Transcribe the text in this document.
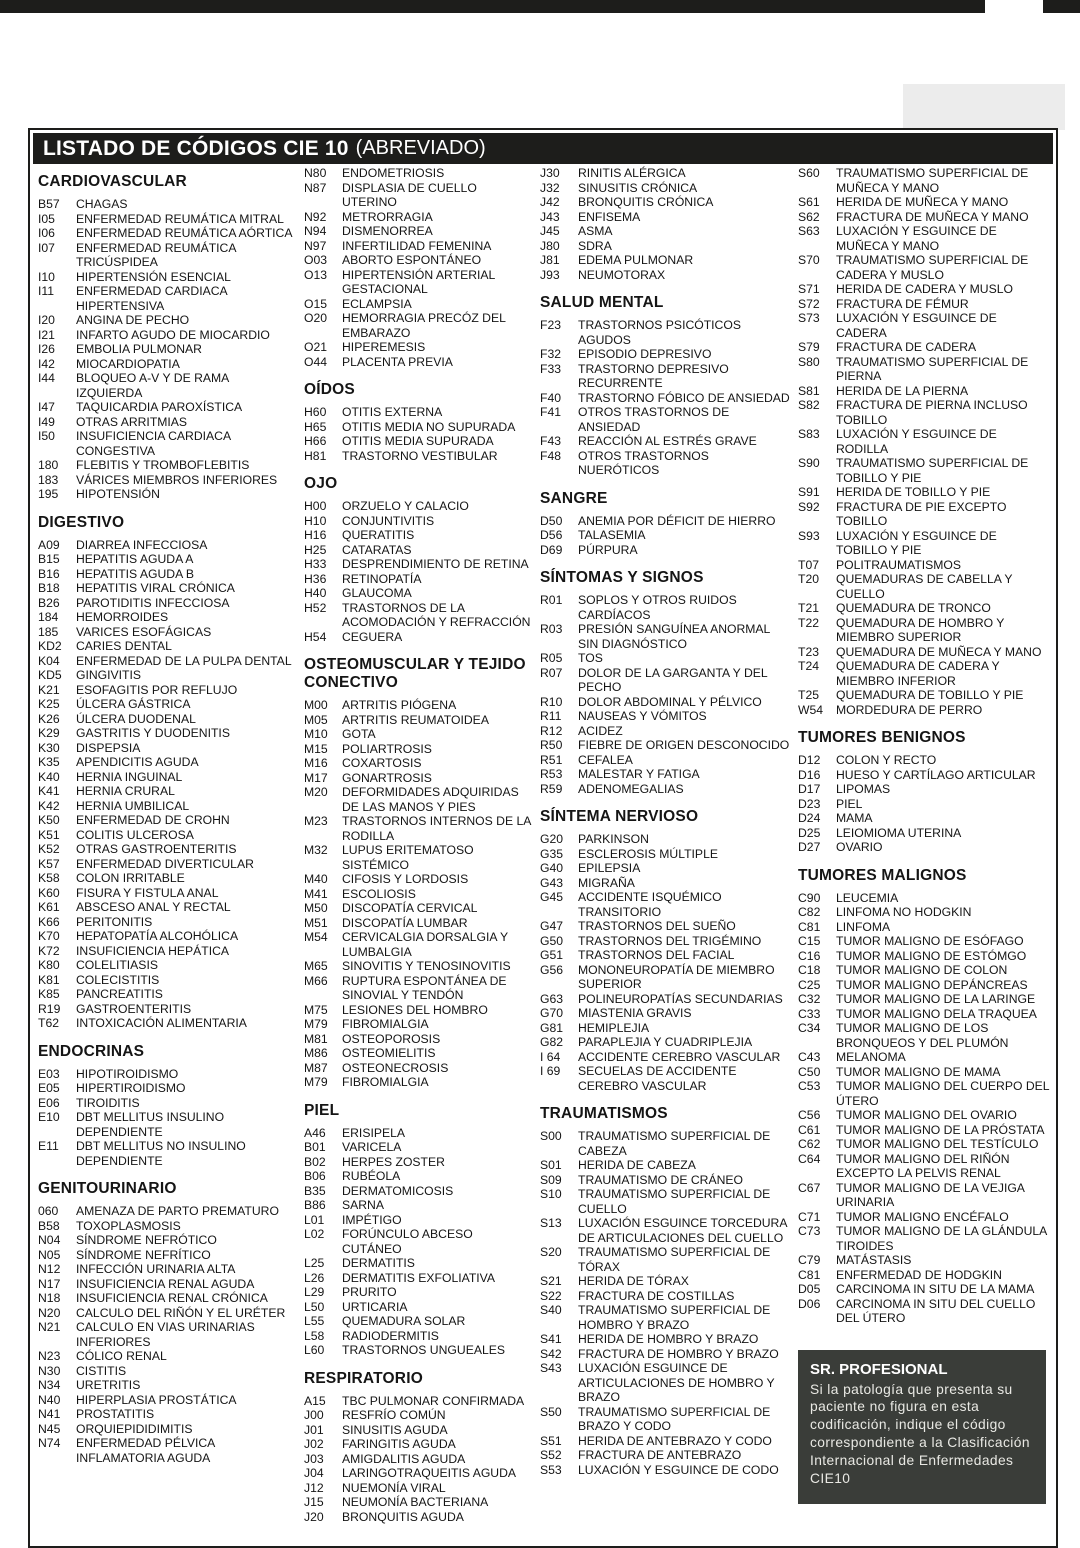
LISTADO DE CÓDIGOS CIE 10 (ABREVIADO)
CARDIOVASCULAR
B57	CHAGAS
I05	ENFERMEDAD REUMÁTICA MITRAL
I06	ENFERMEDAD REUMÁTICA AÓRTICA
I07	ENFERMEDAD REUMÁTICA TRICÚSPIDEA
I10	HIPERTENSIÓN ESENCIAL
I11	ENFERMEDAD CARDIACA HIPERTENSIVA
I20	ANGINA DE PECHO
I21	INFARTO AGUDO DE MIOCARDIO
I26	EMBOLIA PULMONAR
I42	MIOCARDIOPATIA
I44	BLOQUEO A-V Y DE RAMA IZQUIERDA
I47	TAQUICARDIA PAROXÍSTICA
I49	OTRAS ARRITMIAS
I50	INSUFICIENCIA CARDIACA CONGESTIVA
180	FLEBITIS Y TROMBOFLEBITIS
183	VÁRICES MIEMBROS INFERIORES
195	HIPOTENSIÓN
DIGESTIVO
A09	DIARREA INFECCIOSA
B15	HEPATITIS AGUDA A
B16	HEPATITIS AGUDA B
B18	HEPATITIS VIRAL CRÓNICA
B26	PAROTIDITIS INFECCIOSA
184	HEMORROIDES
185	VARICES ESOFÁGICAS
KD2	CARIES DENTAL
K04	ENFERMEDAD DE LA PULPA DENTAL
KD5	GINGIVITIS
K21	ESOFAGITIS POR REFLUJO
K25	ÚLCERA GÁSTRICA
K26	ÚLCERA DUODENAL
K29	GASTRITIS Y DUODENITIS
K30	DISPEPSIA
K35	APENDICITIS AGUDA
K40	HERNIA INGUINAL
K41	HERNIA CRURAL
K42	HERNIA UMBILICAL
K50	ENFERMEDAD DE CROHN
K51	COLITIS ULCEROSA
K52	OTRAS GASTROENTERITIS
K57	ENFERMEDAD DIVERTICULAR
K58	COLON IRRITABLE
K60	FISURA Y FISTULA ANAL
K61	ABSCESO ANAL Y RECTAL
K66	PERITONITIS
K70	HEPATOPATÍA ALCOHÓLICA
K72	INSUFICIENCIA HEPÁTICA
K80	COLELITIASIS
K81	COLECISTITIS
K85	PANCREATITIS
R19	GASTROENTERITIS
T62	INTOXICACIÓN ALIMENTARIA
ENDOCRINAS
E03	HIPOTIROIDISMO
E05	HIPERTIROIDISMO
E06	TIROIDITIS
E10	DBT MELLITUS INSULINO DEPENDIENTE
E11	DBT MELLITUS NO INSULINO DEPENDIENTE
GENITOURINARIO
060	AMENAZA DE PARTO PREMATURO
B58	TOXOPLASMOSIS
N04	SÍNDROME NEFRÓTICO
N05	SÍNDROME NEFRÍTICO
N12	INFECCIÓN URINARIA ALTA
N17	INSUFICIENCIA RENAL AGUDA
N18	INSUFICIENCIA RENAL CRÓNICA
N20	CALCULO DEL RIÑÓN Y EL URÉTER
N21	CALCULO EN VIAS URINARIAS INFERIORES
N23	CÓLICO RENAL
N30	CISTITIS
N34	URETRITIS
N40	HIPERPLASIA PROSTÁTICA
N41	PROSTATITIS
N45	ORQUIEPIDIDIMITIS
N74	ENFERMEDAD PÉLVICA INFLAMATORIA AGUDA
N80	ENDOMETRIOSIS
N87	DISPLASIA DE CUELLO UTERINO
N92	METRORRAGIA
N94	DISMENORREA
N97	INFERTILIDAD FEMENINA
O03	ABORTO ESPONTÁNEO
O13	HIPERTENSIÓN ARTERIAL GESTACIONAL
O15	ECLAMPSIA
O20	HEMORRAGIA PRECÓZ DEL EMBARAZO
O21	HIPEREMESIS
O44	PLACENTA PREVIA
OÍDOS
H60	OTITIS EXTERNA
H65	OTITIS MEDIA NO SUPURADA
H66	OTITIS MEDIA SUPURADA
H81	TRASTORNO VESTIBULAR
OJO
H00	ORZUELO Y CALACIO
H10	CONJUNTIVITIS
H16	QUERATITIS
H25	CATARATAS
H33	DESPRENDIMIENTO DE RETINA
H36	RETINOPATÍA
H40	GLAUCOMA
H52	TRASTORNOS DE LA ACOMODACIÓN Y REFRACCIÓN
H54	CEGUERA
OSTEOMUSCULAR Y TEJIDO CONECTIVO
M00	ARTRITIS PIÓGENA
M05	ARTRITIS REUMATOIDEA
M10	GOTA
M15	POLIARTROSIS
M16	COXARTOSIS
M17	GONARTROSIS
M20	DEFORMIDADES ADQUIRIDAS DE LAS MANOS Y PIES
M23	TRASTORNOS INTERNOS DE LA RODILLA
M32	LUPUS ERITEMATOSO SISTÉMICO
M40	CIFOSIS Y LORDOSIS
M41	ESCOLIOSIS
M50	DISCOPATÍA CERVICAL
M51	DISCOPATÍA LUMBAR
M54	CERVICALGIA DORSALGIA Y LUMBALGIA
M65	SINOVITIS Y TENOSINOVITIS
M66	RUPTURA ESPONTÁNEA DE SINOVIAL Y TENDÓN
M75	LESIONES DEL HOMBRO
M79	FIBROMIALGIA
M81	OSTEOPOROSIS
M86	OSTEOMIELITIS
M87	OSTEONECROSIS
M79	FIBROMIALGIA
PIEL
A46	ERISIPELA
B01	VARICELA
B02	HERPES ZOSTER
B06	RUBÉOLA
B35	DERMATOMICOSIS
B86	SARNA
L01	IMPÉTIGO
L02	FORÚNCULO ABCESO CUTÁNEO
L25	DERMATITIS
L26	DERMATITIS EXFOLIATIVA
L29	PRURITO
L50	URTICARIA
L55	QUEMADURA SOLAR
L58	RADIODERMITIS
L60	TRASTORNOS UNGUEALES
RESPIRATORIO
A15	TBC PULMONAR CONFIRMADA
J00	RESFRÍO COMÚN
J01	SINUSITIS AGUDA
J02	FARINGITIS AGUDA
J03	AMIGDALITIS AGUDA
J04	LARINGOTRAQUEITIS AGUDA
J12	NUEMONÍA VIRAL
J15	NEUMONÍA BACTERIANA
J20	BRONQUITIS AGUDA
J30	RINITIS ALÉRGICA
J32	SINUSITIS CRÓNICA
J42	BRONQUITIS CRÓNICA
J43	ENFISEMA
J45	ASMA
J80	SDRA
J81	EDEMA PULMONAR
J93	NEUMOTORAX
SALUD MENTAL
F23	TRASTORNOS PSICÓTICOS AGUDOS
F32	EPISODIO DEPRESIVO
F33	TRASTORNO DEPRESIVO RECURRENTE
F40	TRASTORNO FÓBICO DE ANSIEDAD
F41	OTROS TRASTORNOS DE ANSIEDAD
F43	REACCIÓN AL ESTRÉS GRAVE
F48	OTROS TRASTORNOS NUERÓTICOS
SANGRE
D50	ANEMIA POR DÉFICIT DE HIERRO
D56	TALASEMIA
D69	PÚRPURA
SÍNTOMAS Y SIGNOS
R01	SOPLOS Y OTROS RUIDOS CARDÍACOS
R03	PRESIÓN SANGUÍNEA ANORMAL SIN DIAGNÓSTICO
R05	TOS
R07	DOLOR DE LA GARGANTA Y DEL PECHO
R10	DOLOR ABDOMINAL Y PÉLVICO
R11	NAUSEAS Y VÓMITOS
R12	ACIDEZ
R50	FIEBRE DE ORIGEN DESCONOCIDO
R51	CEFALEA
R53	MALESTAR Y FATIGA
R59	ADENOMEGALIAS
SÍNTEMA NERVIOSO
G20	PARKINSON
G35	ESCLEROSIS MÚLTIPLE
G40	EPILEPSIA
G43	MIGRAÑA
G45	ACCIDENTE ISQUÉMICO TRANSITORIO
G47	TRASTORNOS DEL SUEÑO
G50	TRASTORNOS DEL TRIGÉMINO
G51	TRASTORNOS DEL FACIAL
G56	MONONEUROPATÍA DE MIEMBRO SUPERIOR
G63	POLINEUROPATÍAS SECUNDARIAS
G70	MIASTENIA GRAVIS
G81	HEMIPLEJIA
G82	PARAPLEJIA Y CUADRIPLEJIA
I 64	ACCIDENTE CEREBRO VASCULAR
I 69	SECUELAS DE ACCIDENTE CEREBRO VASCULAR
TRAUMATISMOS
S00	TRAUMATISMO SUPERFICIAL DE CABEZA
S01	HERIDA DE CABEZA
S09	TRAUMATISMO DE CRÁNEO
S10	TRAUMATISMO SUPERFICIAL DE CUELLO
S13	LUXACIÓN ESGUINCE TORCEDURA DE ARTICULACIONES DEL CUELLO
S20	TRAUMATISMO SUPERFICIAL DE TÓRAX
S21	HERIDA DE TÓRAX
S22	FRACTURA DE COSTILLAS
S40	TRAUMATISMO SUPERFICIAL DE HOMBRO Y BRAZO
S41	HERIDA DE HOMBRO Y BRAZO
S42	FRACTURA DE HOMBRO Y BRAZO
S43	LUXACIÓN ESGUINCE DE ARTICULACIONES DE HOMBRO Y BRAZO
S50	TRAUMATISMO SUPERFICIAL DE BRAZO Y CODO
S51	HERIDA DE ANTEBRAZO Y CODO
S52	FRACTURA DE ANTEBRAZO
S53	LUXACIÓN Y ESGUINCE DE CODO
S60	TRAUMATISMO SUPERFICIAL DE MUÑECA Y MANO
S61	HERIDA DE MUÑECA Y MANO
S62	FRACTURA DE MUÑECA Y MANO
S63	LUXACIÓN Y ESGUINCE DE MUÑECA Y MANO
S70	TRAUMATISMO SUPERFICIAL DE CADERA Y MUSLO
S71	HERIDA DE CADERA Y MUSLO
S72	FRACTURA DE FÉMUR
S73	LUXACIÓN Y ESGUINCE DE CADERA
S79	FRACTURA DE CADERA
S80	TRAUMATISMO SUPERFICIAL DE PIERNA
S81	HERIDA DE LA PIERNA
S82	FRACTURA DE PIERNA INCLUSO TOBILLO
S83	LUXACIÓN Y ESGUINCE DE RODILLA
S90	TRAUMATISMO SUPERFICIAL DE TOBILLO Y PIE
S91	HERIDA DE TOBILLO Y PIE
S92	FRACTURA DE PIE EXCEPTO TOBILLO
S93	LUXACIÓN Y ESGUINCE DE TOBILLO Y PIE
T07	POLITRAUMATISMOS
T20	QUEMADURAS DE CABELLA Y CUELLO
T21	QUEMADURA DE TRONCO
T22	QUEMADURA DE HOMBRO Y MIEMBRO SUPERIOR
T23	QUEMADURA DE MUÑECA Y MANO
T24	QUEMADURA DE CADERA Y MIEMBRO INFERIOR
T25	QUEMADURA DE TOBILLO Y PIE
W54	MORDEDURA DE PERRO
TUMORES BENIGNOS
D12	COLON Y RECTO
D16	HUESO Y CARTÍLAGO ARTICULAR
D17	LIPOMAS
D23	PIEL
D24	MAMA
D25	LEIOMIOMA UTERINA
D27	OVARIO
TUMORES MALIGNOS
C90	LEUCEMIA
C82	LINFOMA NO HODGKIN
C81	LINFOMA
C15	TUMOR MALIGNO DE ESÓFAGO
C16	TUMOR MALIGNO DE ESTÓMGO
C18	TUMOR MALIGNO DE COLON
C25	TUMOR MALIGNO DEPÁNCREAS
C32	TUMOR MALIGNO DE LA LARINGE
C33	TUMOR MALIGNO DELA TRAQUEA
C34	TUMOR MALIGNO DE LOS BRONQUEOS Y DEL PLUMÓN
C43	MELANOMA
C50	TUMOR MALIGNO DE MAMA
C53	TUMOR MALIGNO DEL CUERPO DEL ÚTERO
C56	TUMOR MALIGNO DEL OVARIO
C61	TUMOR MALIGNO DE LA PRÓSTATA
C62	TUMOR MALIGNO DEL TESTÍCULO
C64	TUMOR MALIGNO DEL RIÑÓN EXCEPTO LA PELVIS RENAL
C67	TUMOR MALIGNO DE LA VEJIGA URINARIA
C71	TUMOR MALIGNO ENCÉFALO
C73	TUMOR MALIGNO DE LA GLÁNDULA TIROIDES
C79	MATÁSTASIS
C81	ENFERMEDAD DE HODGKIN
D05	CARCINOMA IN SITU DE LA MAMA
D06	CARCINOMA IN SITU DEL CUELLO DEL ÚTERO
SR. PROFESIONAL
Si la patología que presenta su paciente no figura en esta codificación, indique el código correspondiente a la Clasificación Internacional de Enfermedades CIE10
